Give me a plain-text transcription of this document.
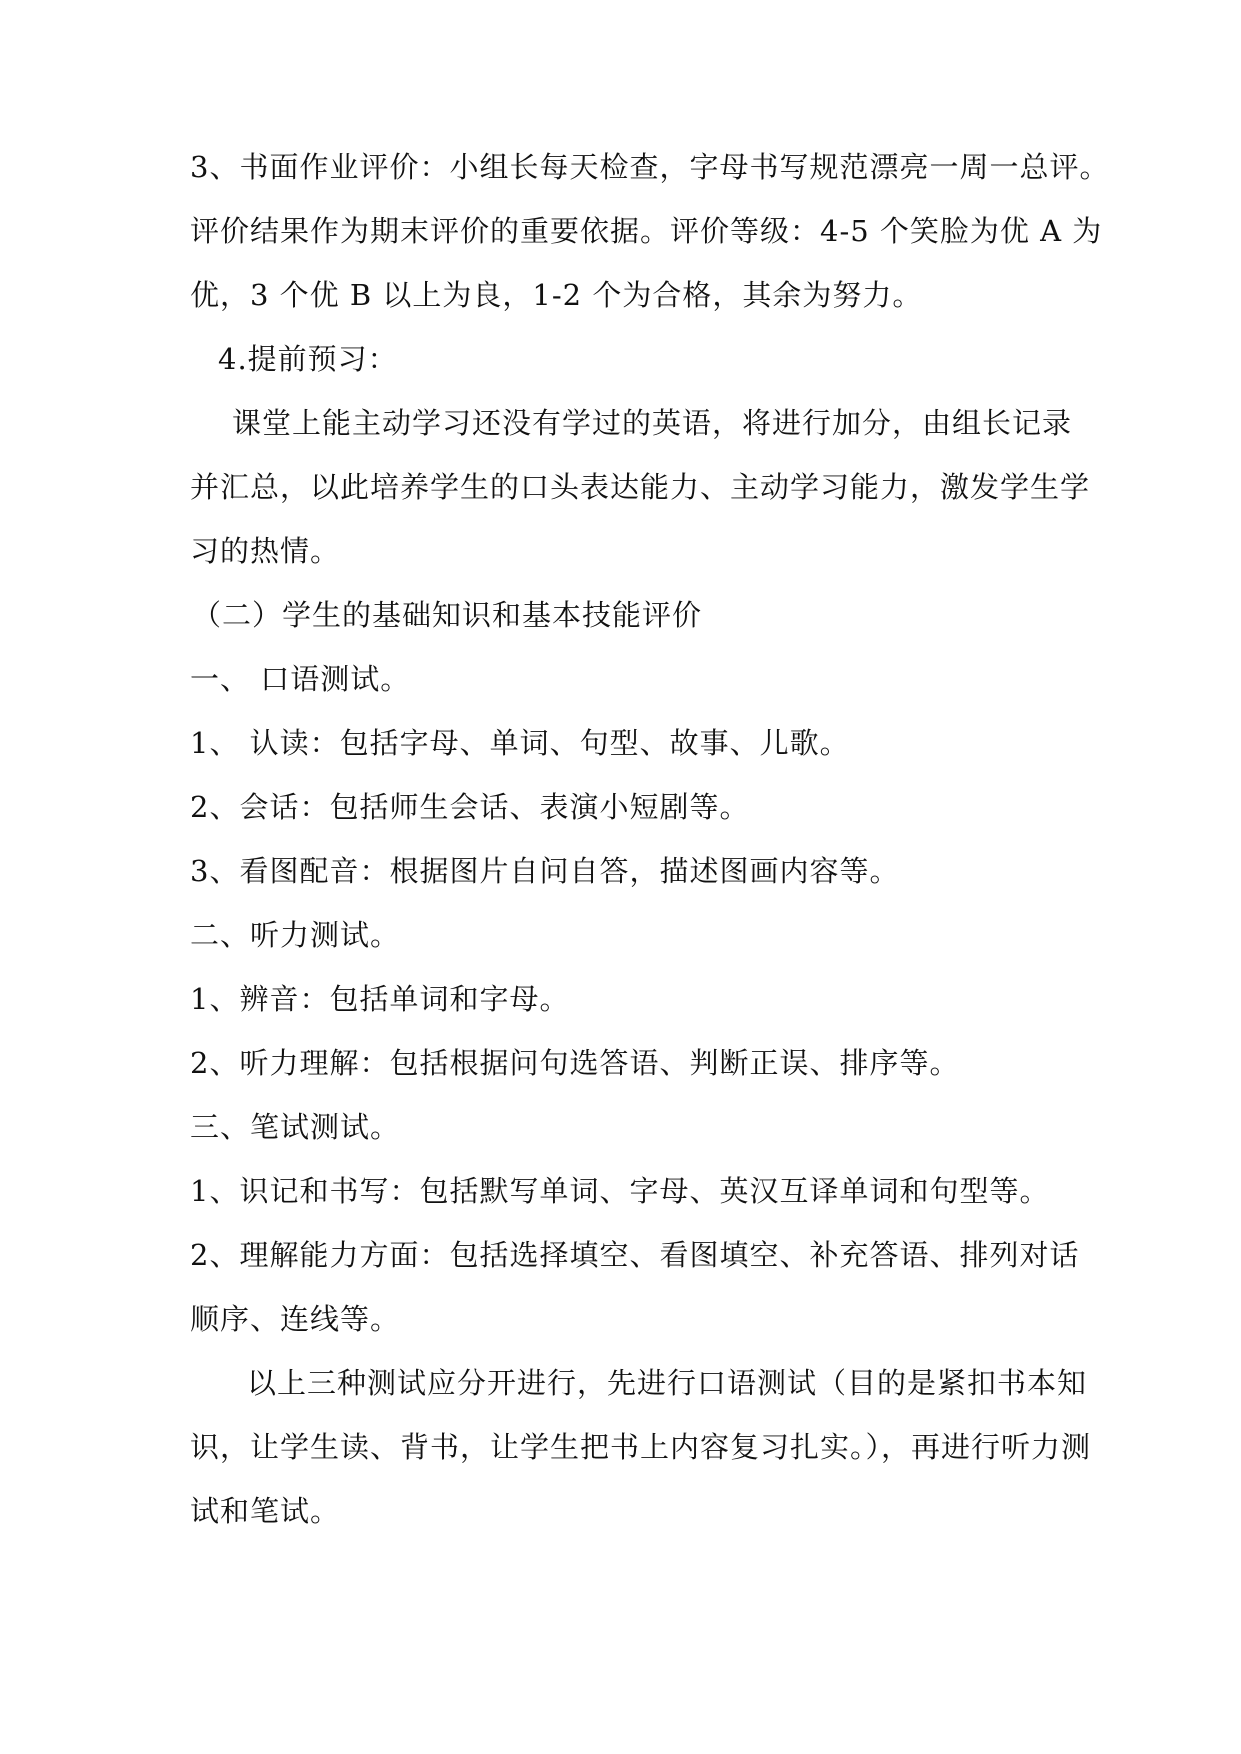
3、书面作业评价：小组长每天检查，字母书写规范漂亮一周一总评。
评价结果作为期末评价的重要依据。评价等级：4-5 个笑脸为优 A 为
优，3 个优 B 以上为良，1-2 个为合格，其余为努力。
4.提前预习：
课堂上能主动学习还没有学过的英语，将进行加分，由组长记录
并汇总，以此培养学生的口头表达能力、主动学习能力，激发学生学
习的热情。
（二）学生的基础知识和基本技能评价
一、 口语测试。
1、 认读：包括字母、单词、句型、故事、儿歌。
2、会话：包括师生会话、表演小短剧等。
3、看图配音：根据图片自问自答，描述图画内容等。
二、听力测试。
1、辨音：包括单词和字母。
2、听力理解：包括根据问句选答语、判断正误、排序等。
三、笔试测试。
1、识记和书写：包括默写单词、字母、英汉互译单词和句型等。
2、理解能力方面：包括选择填空、看图填空、补充答语、排列对话
顺序、连线等。
以上三种测试应分开进行，先进行口语测试（目的是紧扣书本知
识，让学生读、背书，让学生把书上内容复习扎实。），再进行听力测
试和笔试。
